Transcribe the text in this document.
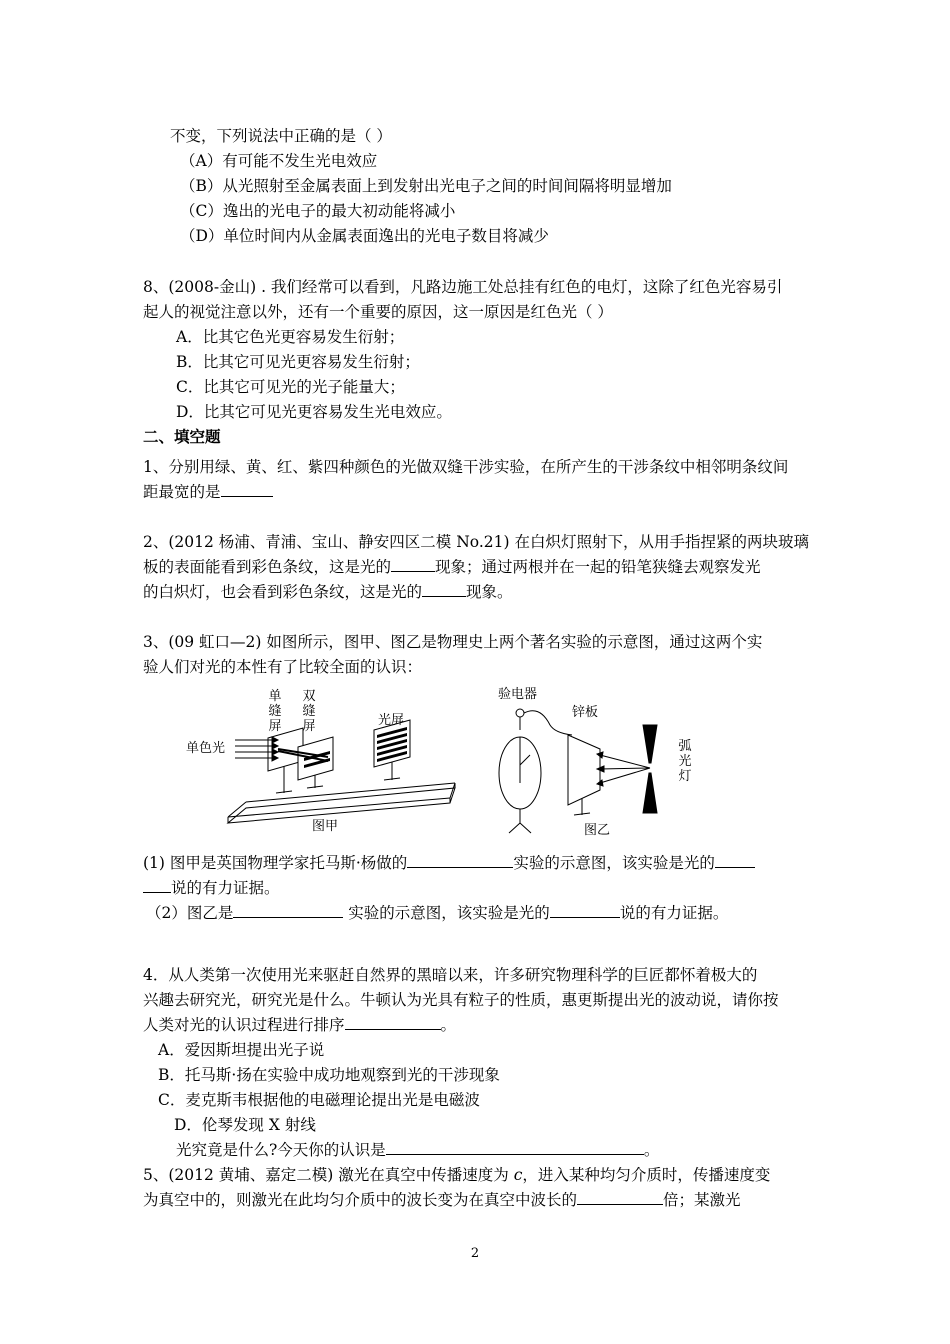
不变，下列说法中正确的是（ ）
（A）有可能不发生光电效应
（B）从光照射至金属表面上到发射出光电子之间的时间间隔将明显增加
（C）逸出的光电子的最大初动能将减小
（D）单位时间内从金属表面逸出的光电子数目将减少
8、(2008-金山) . 我们经常可以看到，凡路边施工处总挂有红色的电灯，这除了红色光容易引
起人的视觉注意以外，还有一个重要的原因，这一原因是红色光（ ）
A．比其它色光更容易发生衍射；
B．比其它可见光更容易发生衍射；
C．比其它可见光的光子能量大；
D．比其它可见光更容易发生光电效应。
二、填空题
1、分别用绿、黄、红、紫四种颜色的光做双缝干涉实验，在所产生的干涉条纹中相邻明条纹间
距最宽的是
2、(2012 杨浦、青浦、宝山、静安四区二模 No.21) 在白炽灯照射下，从用手指捏紧的两块玻璃
板的表面能看到彩色条纹，这是光的	现象；通过两根并在一起的铅笔狭缝去观察发光
的白炽灯，也会看到彩色条纹，这是光的	现象。
3、(09 虹口—2) 如图所示，图甲、图乙是物理史上两个著名实验的示意图，通过这两个实
验人们对光的本性有了比较全面的认识：
单缝屏
双缝屏	光屏
单色光
图甲
验电器
锌板
弧光灯
图乙
(1) 图甲是英国物理学家托马斯·杨做的	实验的示意图，该实验是光的
说的有力证据。
（2）图乙是	实验的示意图，该实验是光的	说的有力证据。
4．从人类第一次使用光来驱赶自然界的黑暗以来，许多研究物理科学的巨匠都怀着极大的
兴趣去研究光，研究光是什么。牛顿认为光具有粒子的性质，惠更斯提出光的波动说，请你按
人类对光的认识过程进行排序	。
A．爱因斯坦提出光子说
B．托马斯·扬在实验中成功地观察到光的干涉现象
C．麦克斯韦根据他的电磁理论提出光是电磁波
D．伦琴发现 X 射线
光究竟是什么?今天你的认识是	。
5、(2012 黄埔、嘉定二模) 激光在真空中传播速度为 c，进入某种均匀介质时，传播速度变
为真空中的，则激光在此均匀介质中的波长变为在真空中波长的	倍；某激光
2
